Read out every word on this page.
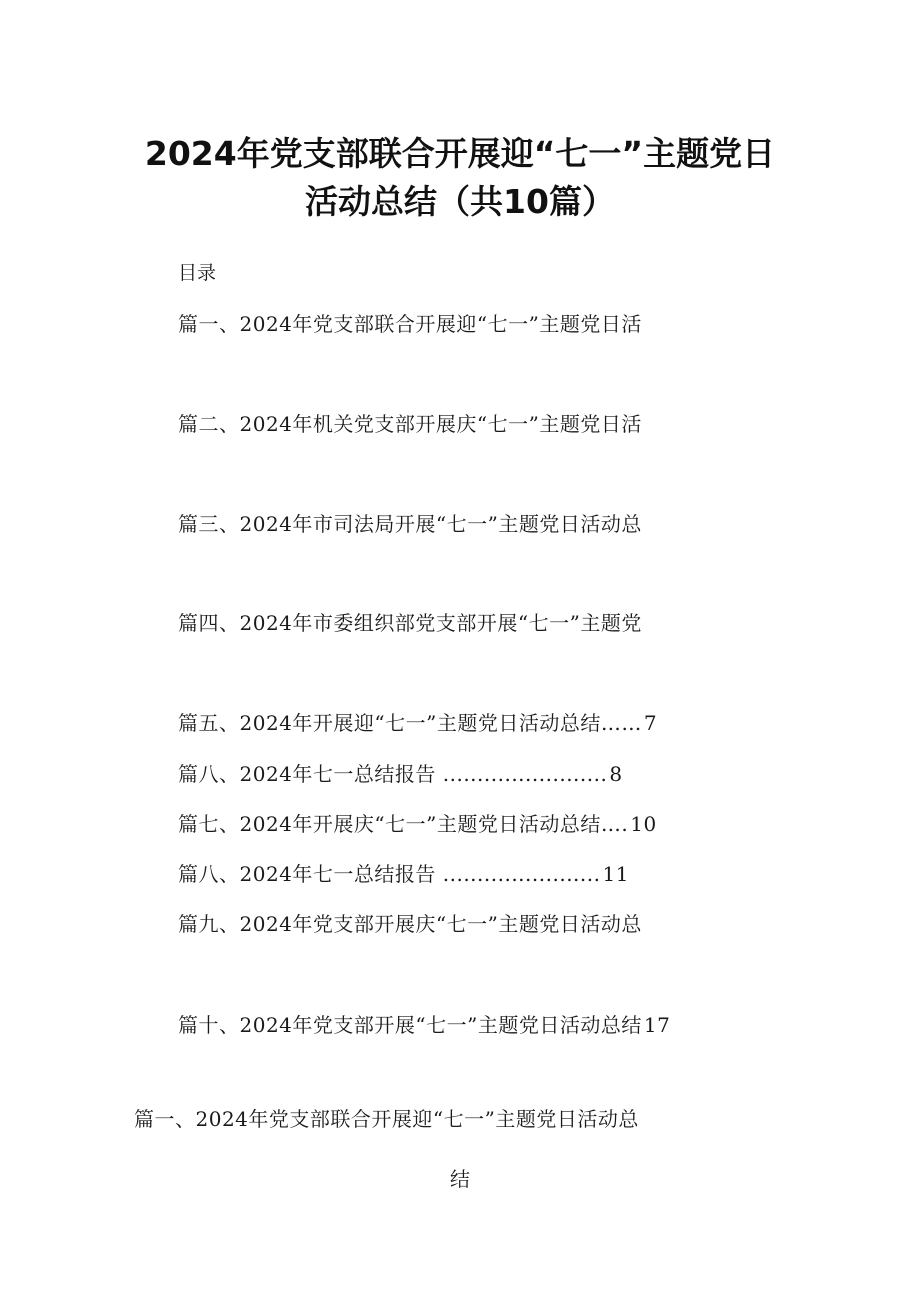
2024年党支部联合开展迎“七一”主题党日
活动总结（共10篇）
目录
篇一、2024年党支部联合开展迎“七一”主题党日活
篇二、2024年机关党支部开展庆“七一”主题党日活
篇三、2024年市司法局开展“七一”主题党日活动总
篇四、2024年市委组织部党支部开展“七一”主题党
篇五、2024年开展迎“七一”主题党日活动总结…… 7
篇八、2024年七一总结报告 ........................ 8
篇七、2024年开展庆“七一”主题党日活动总结…. 10
篇八、2024年七一总结报告 ....................... 11
篇九、2024年党支部开展庆“七一”主题党日活动总
篇十、2024年党支部开展“七一”主题党日活动总结 17
篇一、2024年党支部联合开展迎“七一”主题党日活动总
结
